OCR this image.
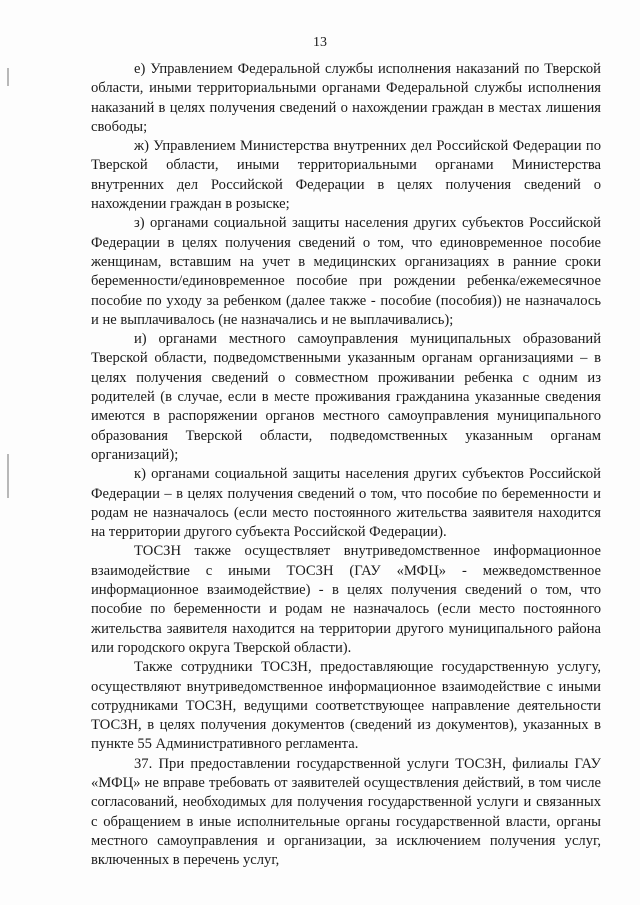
13

е) Управлением Федеральной службы исполнения наказаний по Тверской области, иными территориальными органами Федеральной службы исполнения наказаний в целях получения сведений о нахождении граждан в местах лишения свободы;

ж) Управлением Министерства внутренних дел Российской Федерации по Тверской области, иными территориальными органами Министерства внутренних дел Российской Федерации в целях получения сведений о нахождении граждан в розыске;

з) органами социальной защиты населения других субъектов Российской Федерации в целях получения сведений о том, что единовременное пособие женщинам, вставшим на учет в медицинских организациях в ранние сроки беременности/единовременное пособие при рождении ребенка/ежемесячное пособие по уходу за ребенком (далее также - пособие (пособия)) не назначалось и не выплачивалось (не назначались и не выплачивались);

и) органами местного самоуправления муниципальных образований Тверской области, подведомственными указанным органам организациями – в целях получения сведений о совместном проживании ребенка с одним из родителей (в случае, если в месте проживания гражданина указанные сведения имеются в распоряжении органов местного самоуправления муниципального образования Тверской области, подведомственных указанным органам организаций);

к) органами социальной защиты населения других субъектов Российской Федерации – в целях получения сведений о том, что пособие по беременности и родам не назначалось (если место постоянного жительства заявителя находится на территории другого субъекта Российской Федерации).

ТОСЗН также осуществляет внутриведомственное информационное взаимодействие с иными ТОСЗН (ГАУ «МФЦ» - межведомственное информационное взаимодействие) - в целях получения сведений о том, что пособие по беременности и родам не назначалось (если место постоянного жительства заявителя находится на территории другого муниципального района или городского округа Тверской области).

Также сотрудники ТОСЗН, предоставляющие государственную услугу, осуществляют внутриведомственное информационное взаимодействие с иными сотрудниками ТОСЗН, ведущими соответствующее направление деятельности ТОСЗН, в целях получения документов (сведений из документов), указанных в пункте 55 Административного регламента.

37. При предоставлении государственной услуги ТОСЗН, филиалы ГАУ «МФЦ» не вправе требовать от заявителей осуществления действий, в том числе согласований, необходимых для получения государственной услуги и связанных с обращением в иные исполнительные органы государственной власти, органы местного самоуправления и организации, за исключением получения услуг, включенных в перечень услуг,
